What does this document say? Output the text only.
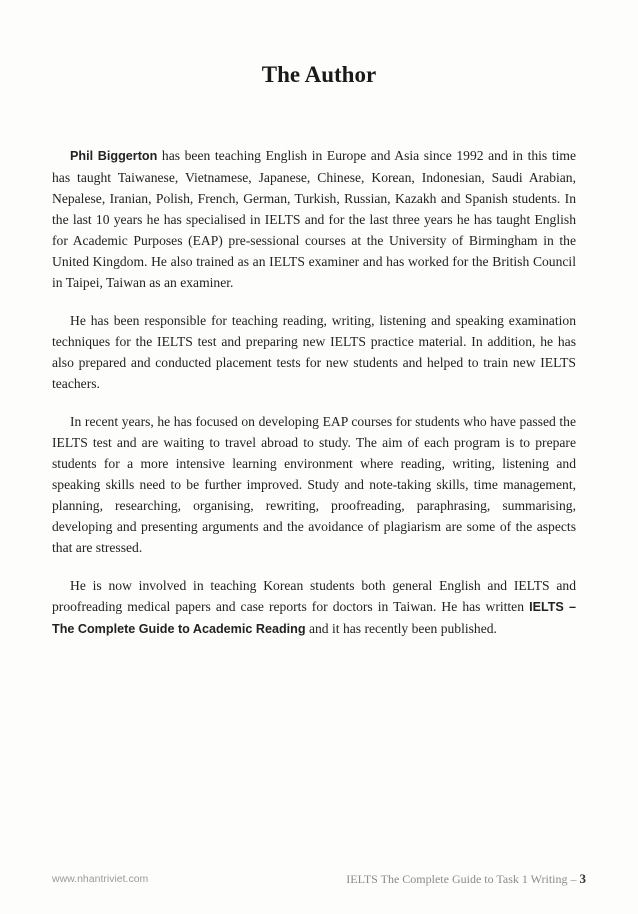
The Author

Phil Biggerton has been teaching English in Europe and Asia since 1992 and in this time has taught Taiwanese, Vietnamese, Japanese, Chinese, Korean, Indonesian, Saudi Arabian, Nepalese, Iranian, Polish, French, German, Turkish, Russian, Kazakh and Spanish students. In the last 10 years he has specialised in IELTS and for the last three years he has taught English for Academic Purposes (EAP) pre-sessional courses at the University of Birmingham in the United Kingdom. He also trained as an IELTS examiner and has worked for the British Council in Taipei, Taiwan as an examiner.

He has been responsible for teaching reading, writing, listening and speaking examination techniques for the IELTS test and preparing new IELTS practice material. In addition, he has also prepared and conducted placement tests for new students and helped to train new IELTS teachers.

In recent years, he has focused on developing EAP courses for students who have passed the IELTS test and are waiting to travel abroad to study. The aim of each program is to prepare students for a more intensive learning environment where reading, writing, listening and speaking skills need to be further improved. Study and note-taking skills, time management, planning, researching, organising, rewriting, proofreading, paraphrasing, summarising, developing and presenting arguments and the avoidance of plagiarism are some of the aspects that are stressed.

He is now involved in teaching Korean students both general English and IELTS and proofreading medical papers and case reports for doctors in Taiwan. He has written IELTS – The Complete Guide to Academic Reading and it has recently been published.

www.nhantriviet.com	IELTS The Complete Guide to Task 1 Writing – 3
